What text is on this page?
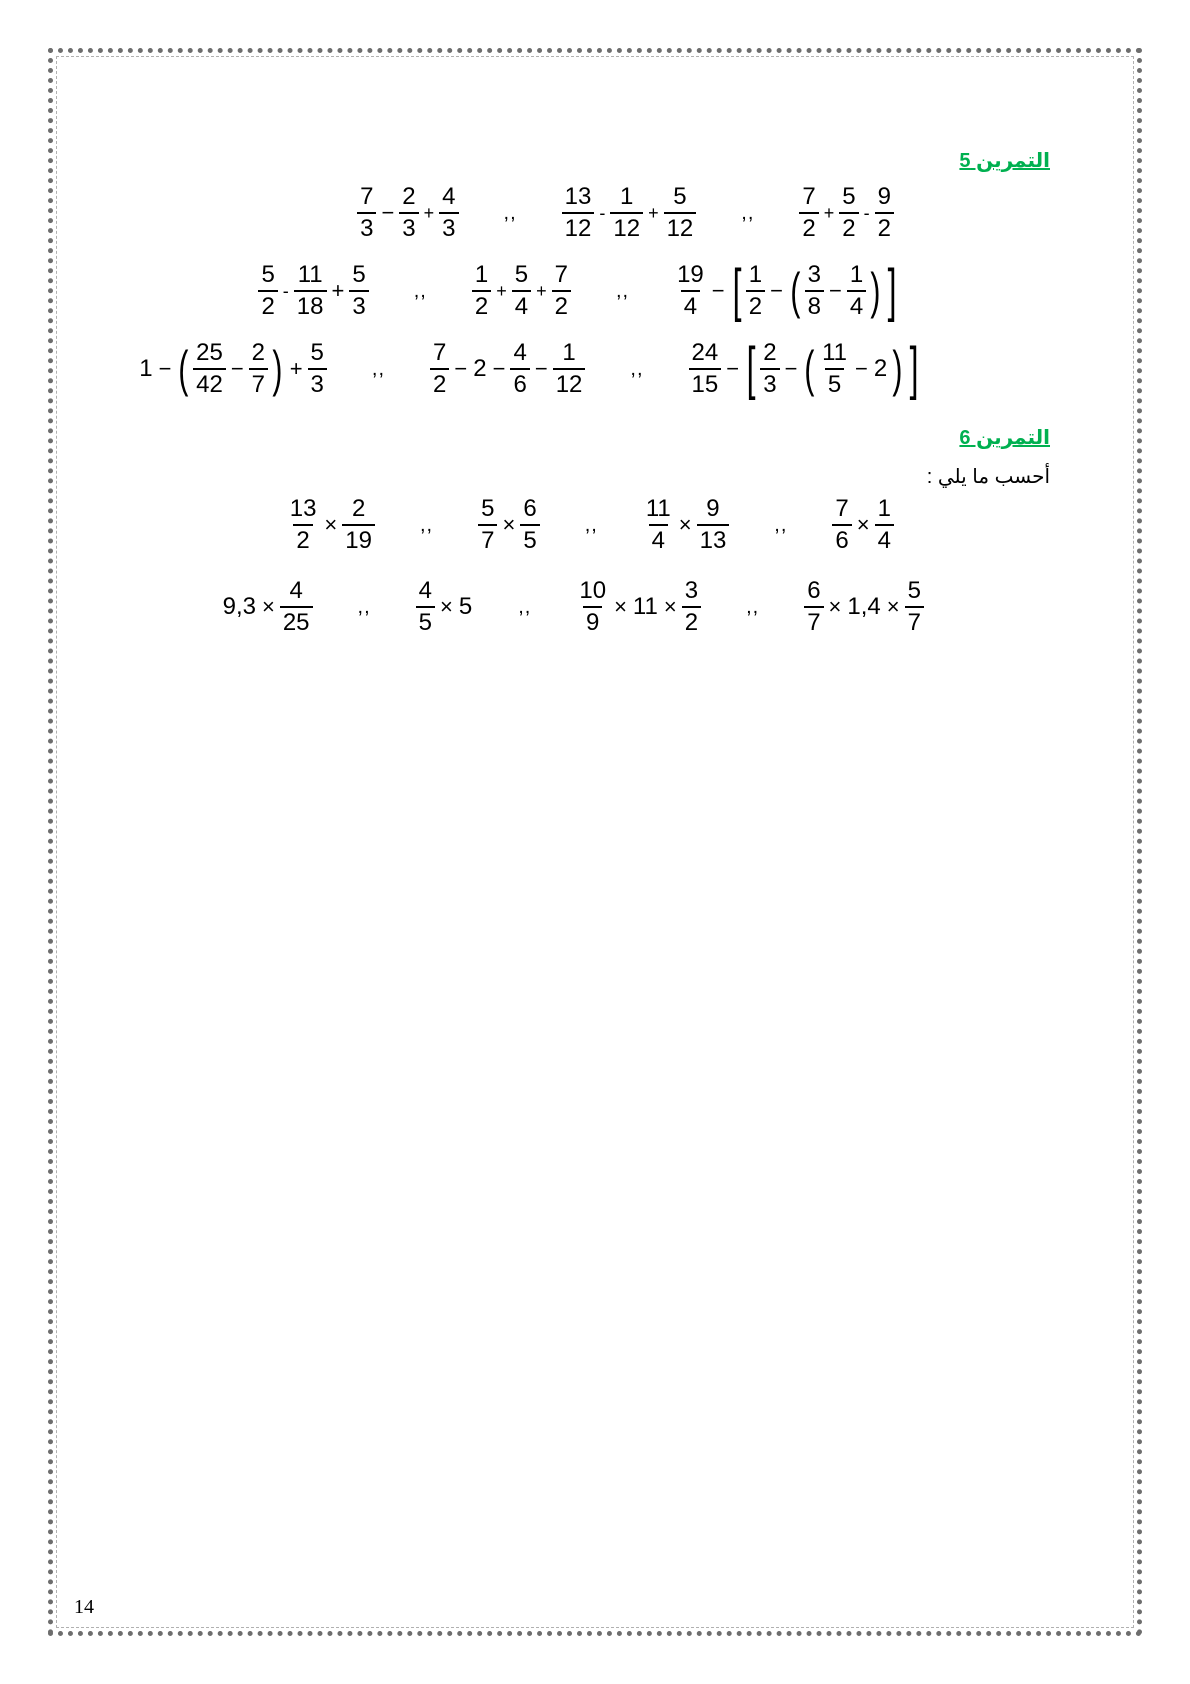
التمرين 5
$\frac{7}{3} - \frac{2}{3} + \frac{4}{3}$ ,, $\frac{13}{12} - \frac{1}{12} + \frac{5}{12}$ ,, $\frac{7}{2} + \frac{5}{2} - \frac{9}{2}$
$\frac{5}{2} - \frac{11}{18} + \frac{5}{3}$ ,, $\frac{1}{2} + \frac{5}{4} + \frac{7}{2}$ ,, $\frac{19}{4}$ − [ $\frac{1}{2}$ − ( $\frac{3}{8} - \frac{1}{4}$ ) ]
1 − ( $\frac{25}{42} - \frac{2}{7}$ ) + $\frac{5}{3}$ ,, $\frac{7}{2} - 2 - \frac{4}{6} - \frac{1}{12}$ ,, $\frac{24}{15}$ − [ $\frac{2}{3}$ − ( $\frac{11}{5} - 2$ ) ]
التمرين 6
أحسب ما يلي :
$\frac{13}{2} \times \frac{2}{19}$ ,, $\frac{5}{7} \times \frac{6}{5}$ ,, $\frac{11}{4} \times \frac{9}{13}$ ,, $\frac{7}{6} \times \frac{1}{4}$
$9,3 \times \frac{4}{25}$ ,, $\frac{4}{5} \times 5$ ,, $\frac{10}{9} \times 11 \times \frac{3}{2}$ ,, $\frac{6}{7} \times 1,4 \times \frac{5}{7}$
14
